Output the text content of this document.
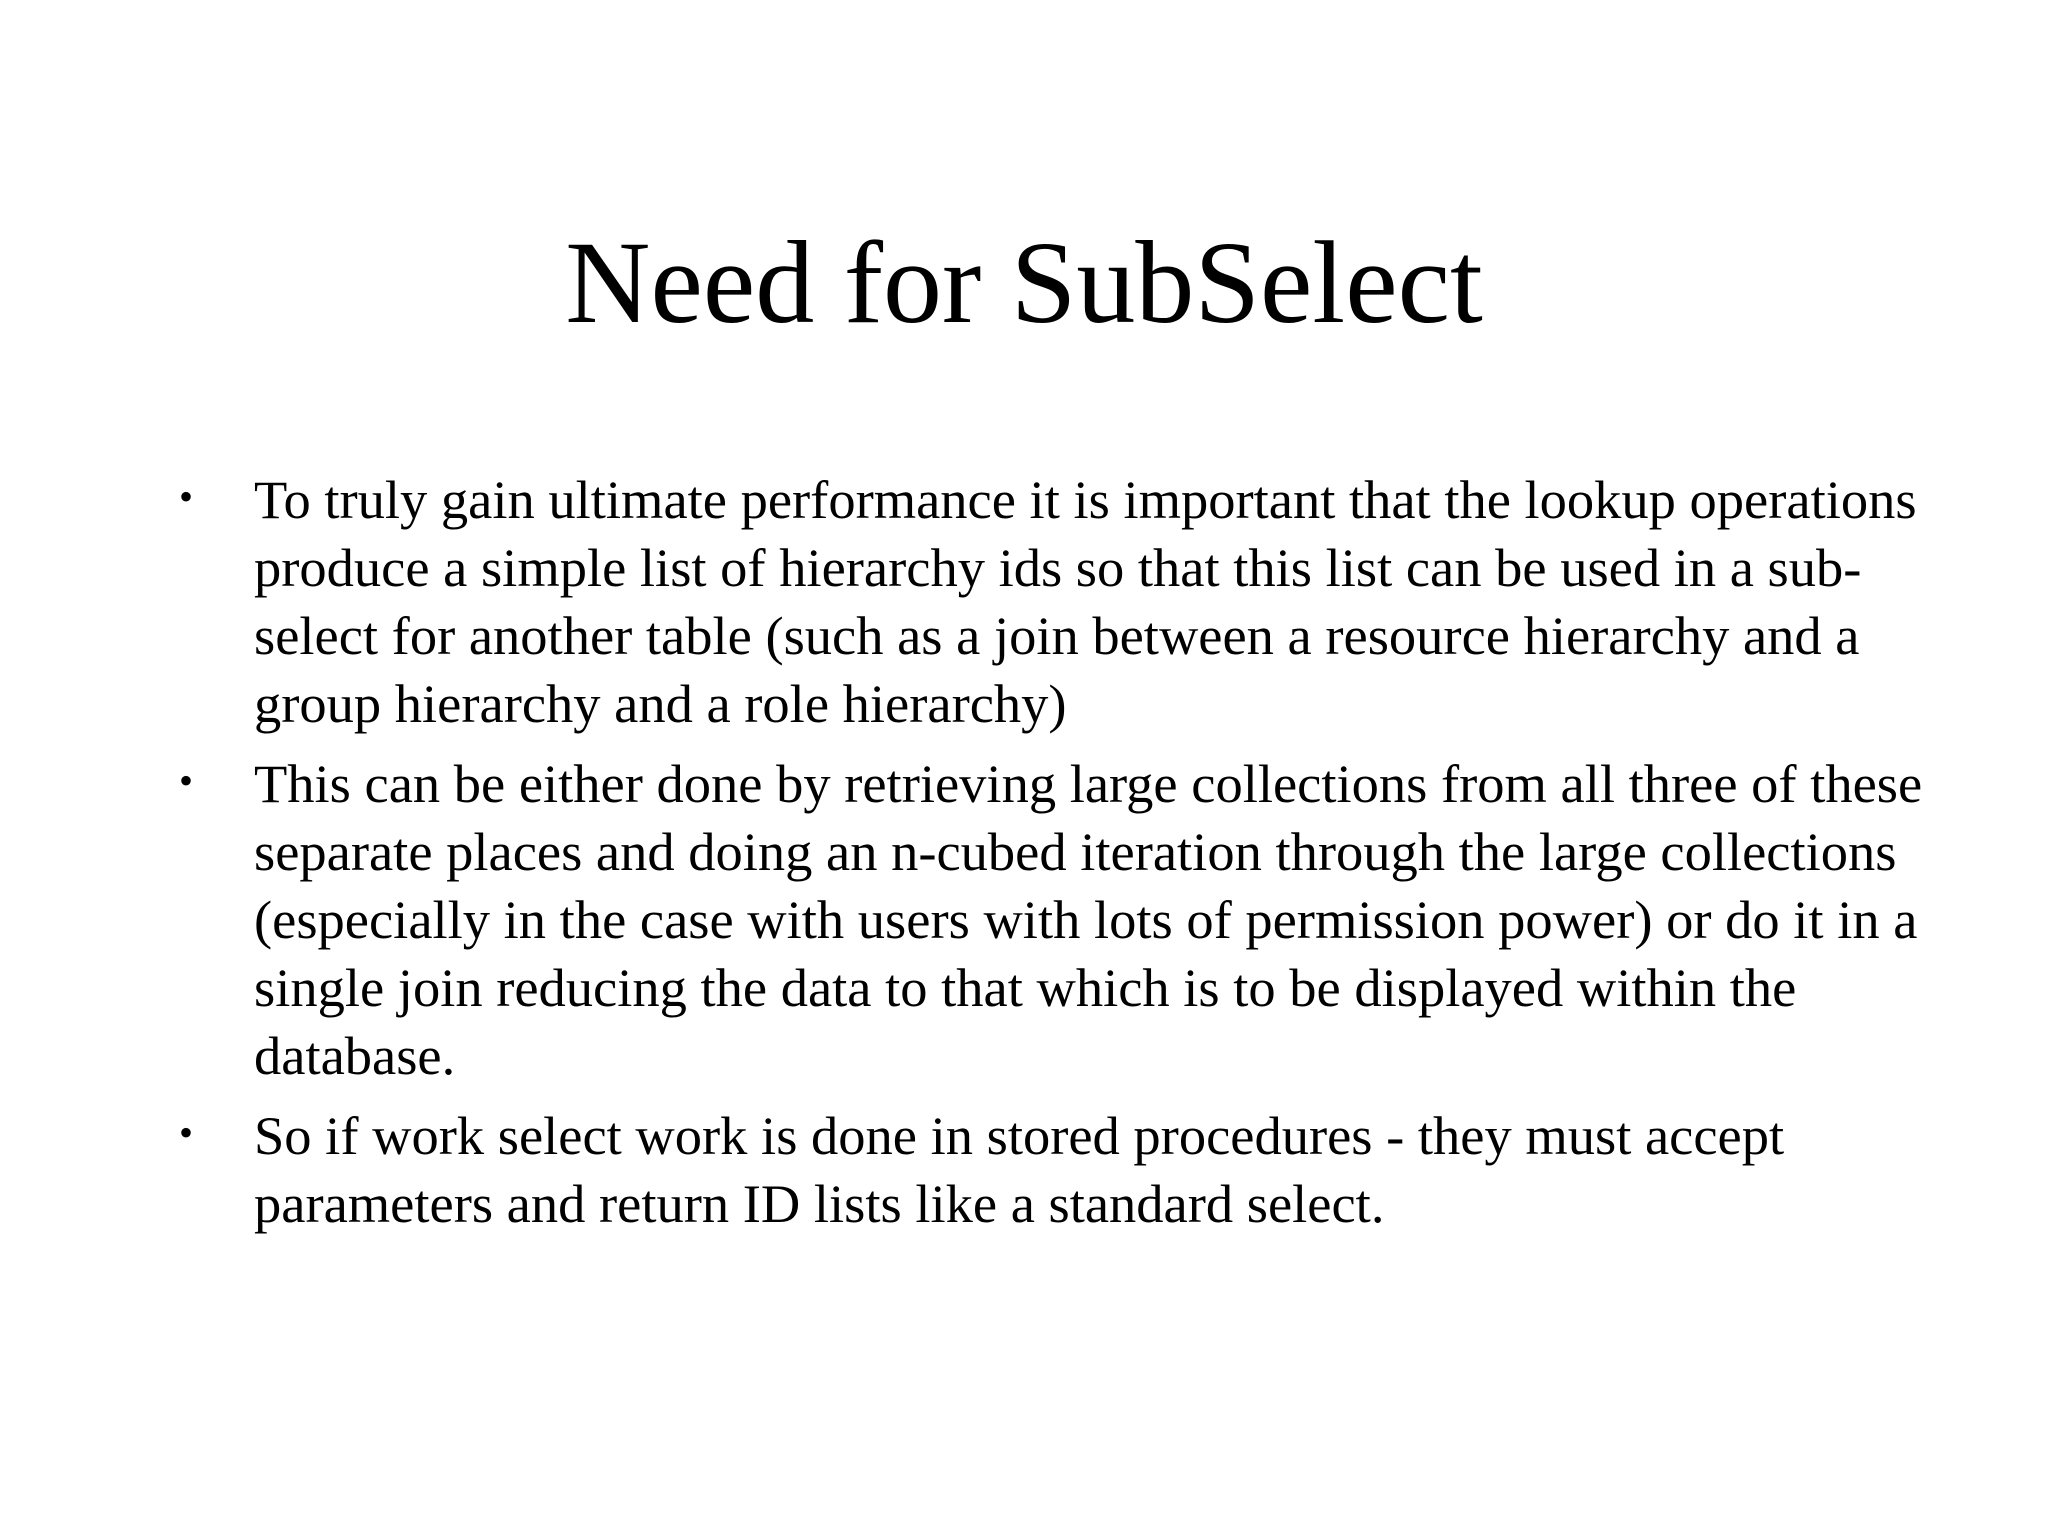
Need for SubSelect
• To truly gain ultimate performance it is important that the lookup operations produce a simple list of hierarchy ids so that this list can be used in a sub-select for another table (such as a join between a resource hierarchy and a group hierarchy and a role hierarchy)
• This can be either done by retrieving large collections from all three of these separate places and doing an n-cubed iteration through the large collections (especially in the case with users with lots of permission power) or do it in a single join reducing the data to that which is to be displayed within the database.
• So if work select work is done in stored procedures - they must accept parameters and return ID lists like a standard select.
